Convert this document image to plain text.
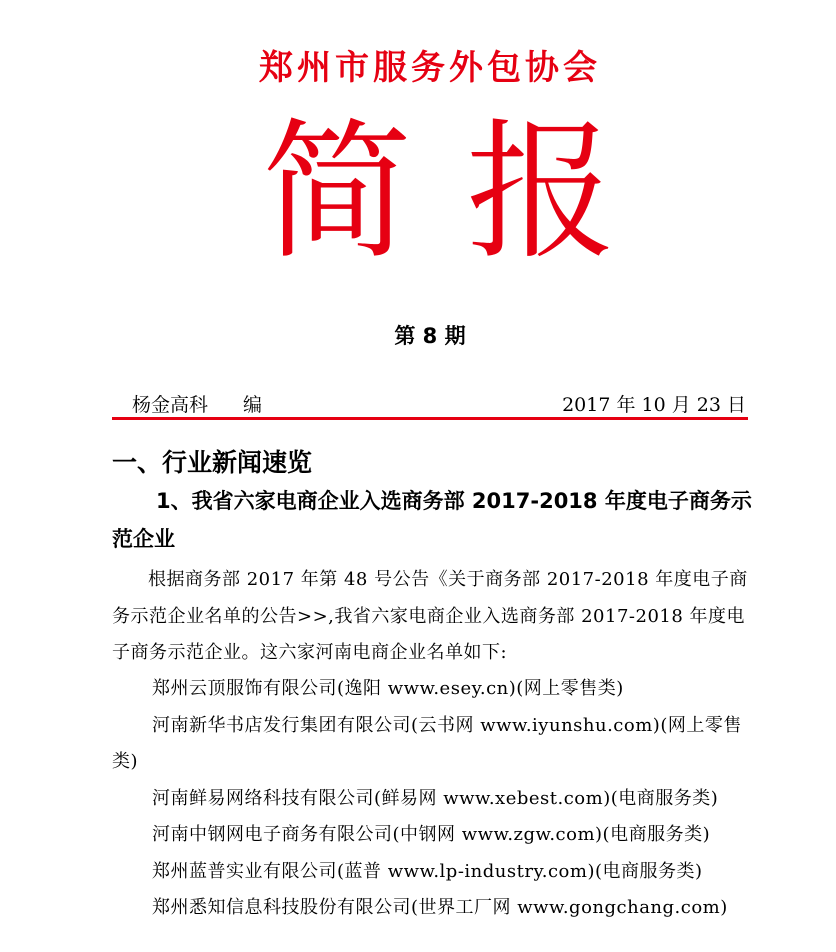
郑州市服务外包协会
简 报
第 8 期
杨金高科 编	2017 年 10 月 23 日
一、行业新闻速览
1、我省六家电商企业入选商务部 2017-2018 年度电子商务示范企业
根据商务部 2017 年第 48 号公告《关于商务部 2017-2018 年度电子商务示范企业名单的公告>>,我省六家电商企业入选商务部 2017-2018 年度电子商务示范企业。这六家河南电商企业名单如下:

郑州云顶服饰有限公司(逸阳 www.esey.cn)(网上零售类)

河南新华书店发行集团有限公司(云书网 www.iyunshu.com)(网上零售类)

河南鲜易网络科技有限公司(鲜易网 www.xebest.com)(电商服务类)

河南中钢网电子商务有限公司(中钢网 www.zgw.com)(电商服务类)

郑州蓝普实业有限公司(蓝普 www.lp-industry.com)(电商服务类)

郑州悉知信息科技股份有限公司(世界工厂网 www.gongchang.com)
